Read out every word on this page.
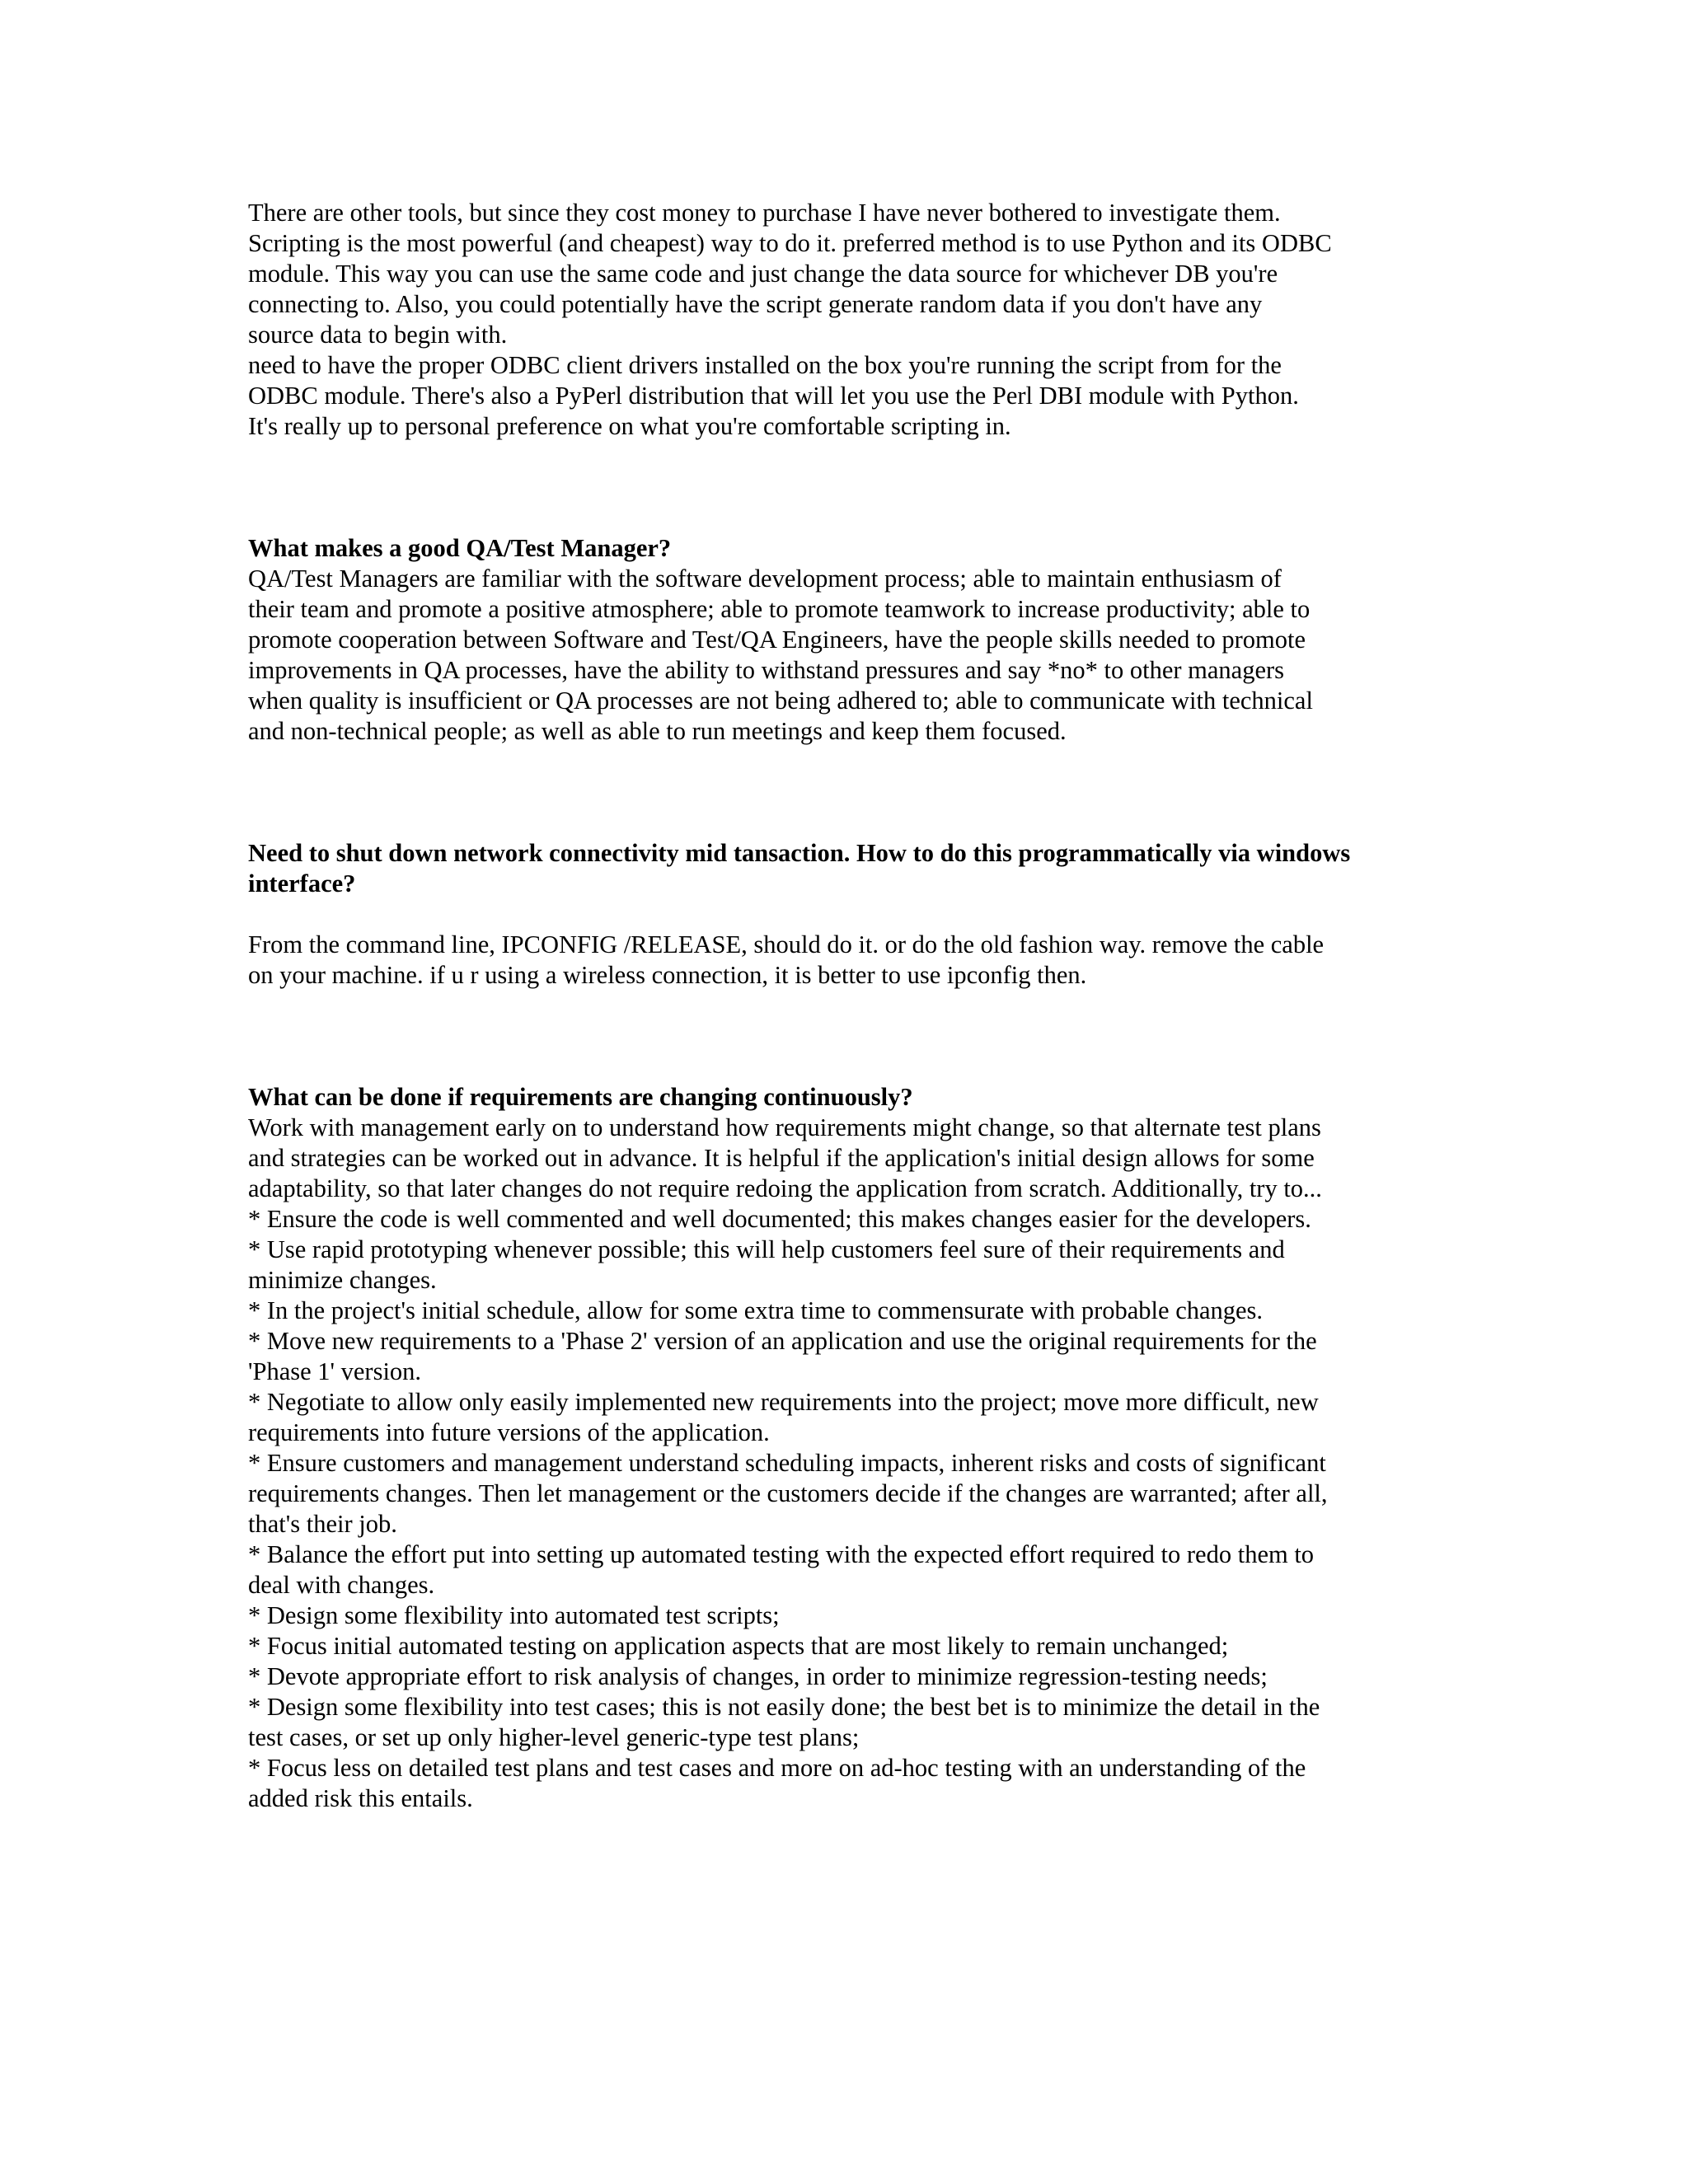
There are other tools, but since they cost money to purchase I have never bothered to investigate them.
Scripting is the most powerful (and cheapest) way to do it. preferred method is to use Python and its ODBC
module. This way you can use the same code and just change the data source for whichever DB you're
connecting to. Also, you could potentially have the script generate random data if you don't have any
source data to begin with.
need to have the proper ODBC client drivers installed on the box you're running the script from for the
ODBC module. There's also a PyPerl distribution that will let you use the Perl DBI module with Python.
It's really up to personal preference on what you're comfortable scripting in.
What makes a good QA/Test Manager?
QA/Test Managers are familiar with the software development process; able to maintain enthusiasm of
their team and promote a positive atmosphere; able to promote teamwork to increase productivity; able to
promote cooperation between Software and Test/QA Engineers, have the people skills needed to promote
improvements in QA processes, have the ability to withstand pressures and say *no* to other managers
when quality is insufficient or QA processes are not being adhered to; able to communicate with technical
and non-technical people; as well as able to run meetings and keep them focused.
Need to shut down network connectivity mid tansaction. How to do this programmatically via windows
interface?
From the command line, IPCONFIG /RELEASE, should do it. or do the old fashion way. remove the cable
on your machine. if u r using a wireless connection, it is better to use ipconfig then.
What can be done if requirements are changing continuously?
Work with management early on to understand how requirements might change, so that alternate test plans
and strategies can be worked out in advance. It is helpful if the application's initial design allows for some
adaptability, so that later changes do not require redoing the application from scratch. Additionally, try to...
* Ensure the code is well commented and well documented; this makes changes easier for the developers.
* Use rapid prototyping whenever possible; this will help customers feel sure of their requirements and
minimize changes.
* In the project's initial schedule, allow for some extra time to commensurate with probable changes.
* Move new requirements to a 'Phase 2' version of an application and use the original requirements for the
'Phase 1' version.
* Negotiate to allow only easily implemented new requirements into the project; move more difficult, new
requirements into future versions of the application.
* Ensure customers and management understand scheduling impacts, inherent risks and costs of significant
requirements changes. Then let management or the customers decide if the changes are warranted; after all,
that's their job.
* Balance the effort put into setting up automated testing with the expected effort required to redo them to
deal with changes.
* Design some flexibility into automated test scripts;
* Focus initial automated testing on application aspects that are most likely to remain unchanged;
* Devote appropriate effort to risk analysis of changes, in order to minimize regression-testing needs;
* Design some flexibility into test cases; this is not easily done; the best bet is to minimize the detail in the
test cases, or set up only higher-level generic-type test plans;
* Focus less on detailed test plans and test cases and more on ad-hoc testing with an understanding of the
added risk this entails.
